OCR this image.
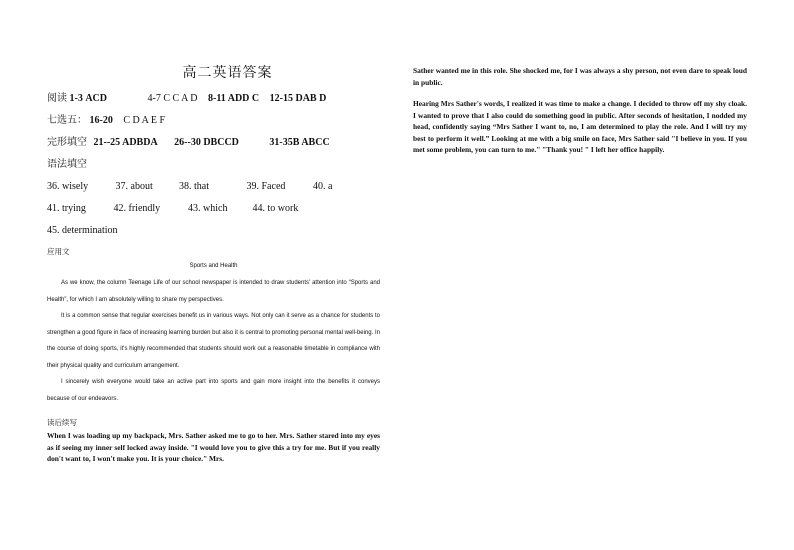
高二英语答案
阅读 1-3 ACD	4-7 C C A D 8-11 ADD C 12-15 DAB D
七选五： 16-20 C D A E F
完形填空 21--25 ADBDA 26--30 DBCCD	31-35B ABCC
语法填空
36. wisely	37. about	38. that	39. Faced	40. a
41. trying	42. friendly	43. which	44. to work
45. determination
应用文
Sports and Health

As we know, the column Teenage Life of our school newspaper is intended to draw students' attention into “Sports and Health”, for which I am absolutely willing to share my perspectives.

It is a common sense that regular exercises benefit us in various ways. Not only can it serve as a chance for students to strengthen a good figure in face of increasing learning burden but also it is central to promoting personal mental well-being. In the course of doing sports, it's highly recommended that students should work out a reasonable timetable in compliance with their physical quality and curriculum arrangement.

I sincerely wish everyone would take an active part into sports and gain more insight into the benefits it conveys because of our endeavors.

读后续写

When I was loading up my backpack, Mrs. Sather asked me to go to her. Mrs. Sather stared into my eyes as if seeing my inner self locked away inside. "I would love you to give this a try for me. But if you really don't want to, I won't make you. It is your choice." Mrs.

Sather wanted me in this role. She shocked me, for I was always a shy person, not even dare to speak loud in public.

Hearing Mrs Sather's words, I realized it was time to make a change. I decided to throw off my shy cloak. I wanted to prove that I also could do something good in public. After seconds of hesitation, I nodded my head, confidently saying “Mrs Sather I want to, no, I am determined to play the role. And I will try my best to perform it well.” Looking at me with a big smile on face, Mrs Sather said "I believe in you. If you met some problem, you can turn to me." "Thank you! " I left her office happily.
